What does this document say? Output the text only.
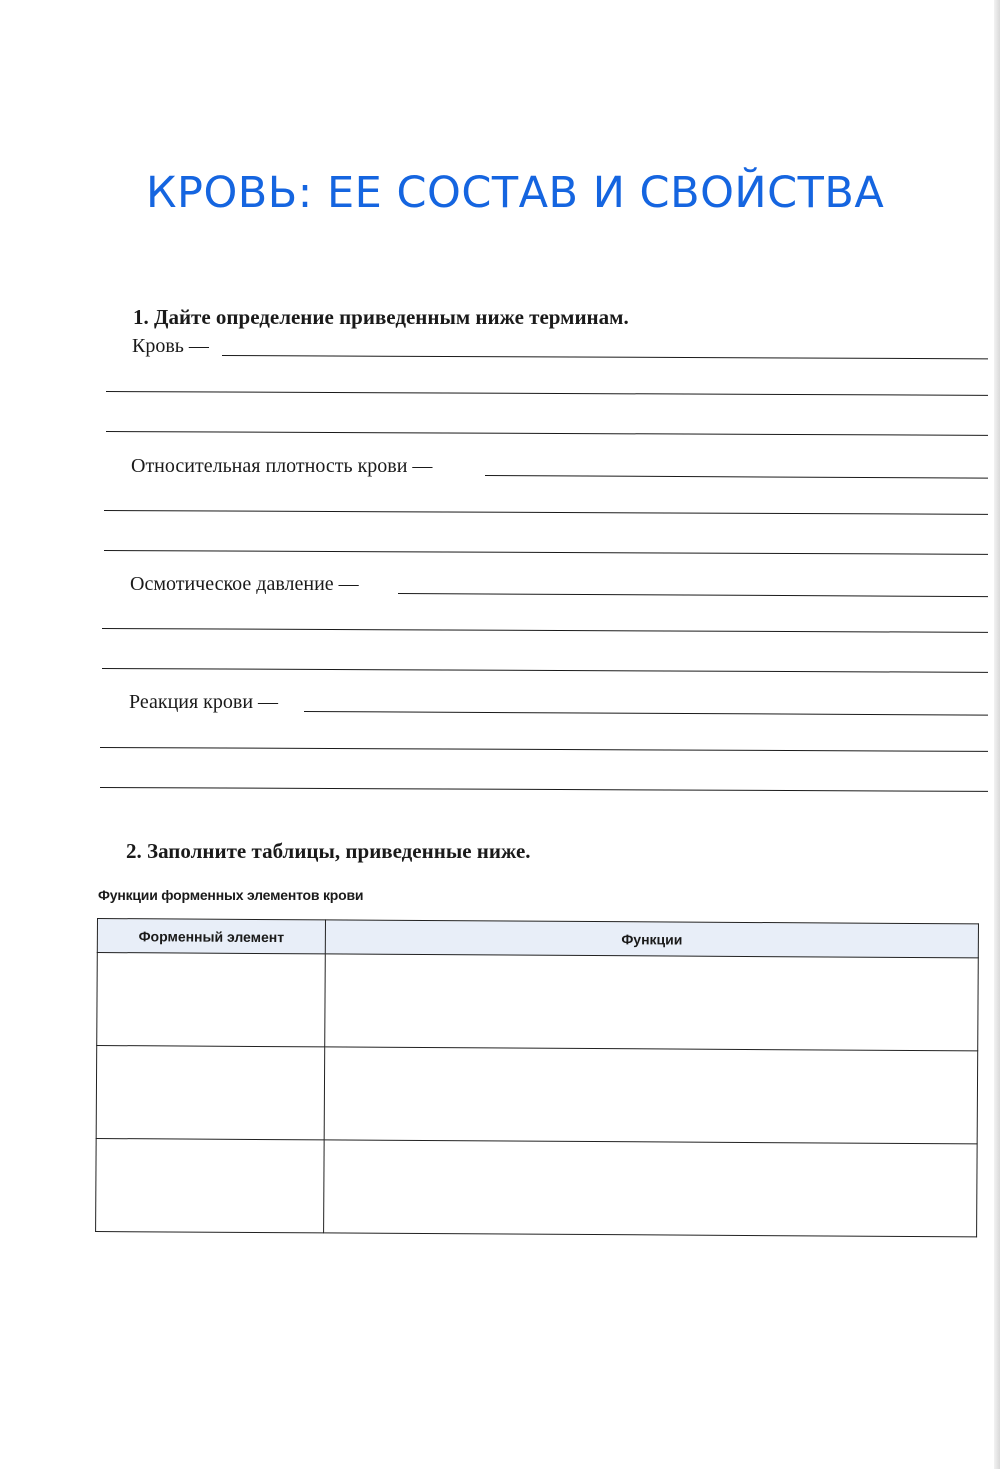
КРОВЬ: ЕЕ СОСТАВ И СВОЙСТВА
1. Дайте определение приведенным ниже терминам.
Кровь —
Относительная плотность крови —
Осмотическое давление —
Реакция крови —
2. Заполните таблицы, приведенные ниже.
Функции форменных элементов крови
Форменный элемент	Функции
